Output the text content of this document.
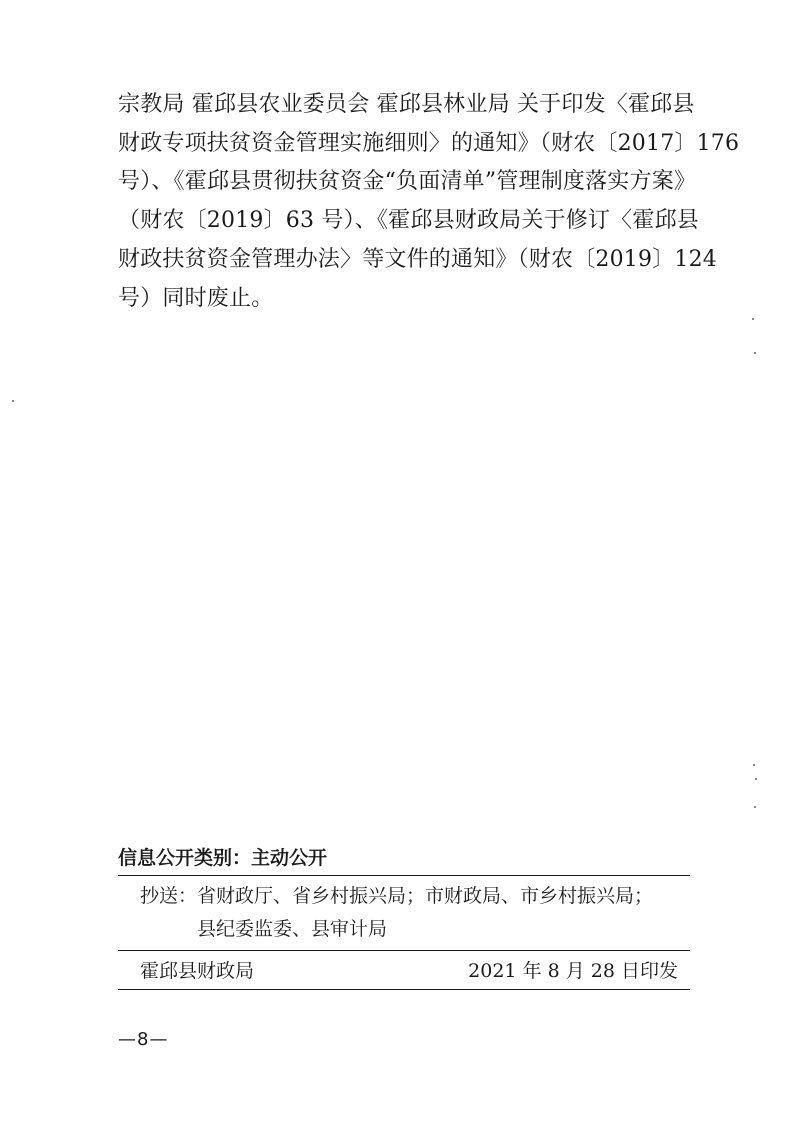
宗教局 霍邱县农业委员会 霍邱县林业局 关于印发〈霍邱县
财政专项扶贫资金管理实施细则〉的通知》（财农〔2017〕176
号）、《霍邱县贯彻扶贫资金“负面清单”管理制度落实方案》
（财农〔2019〕63 号）、《霍邱县财政局关于修订〈霍邱县
财政扶贫资金管理办法〉等文件的通知》（财农〔2019〕124
号）同时废止。
信息公开类别：主动公开
抄送：省财政厅、省乡村振兴局；市财政局、市乡村振兴局；
县纪委监委、县审计局
霍邱县财政局	2021 年 8 月 28 日印发
—8—
